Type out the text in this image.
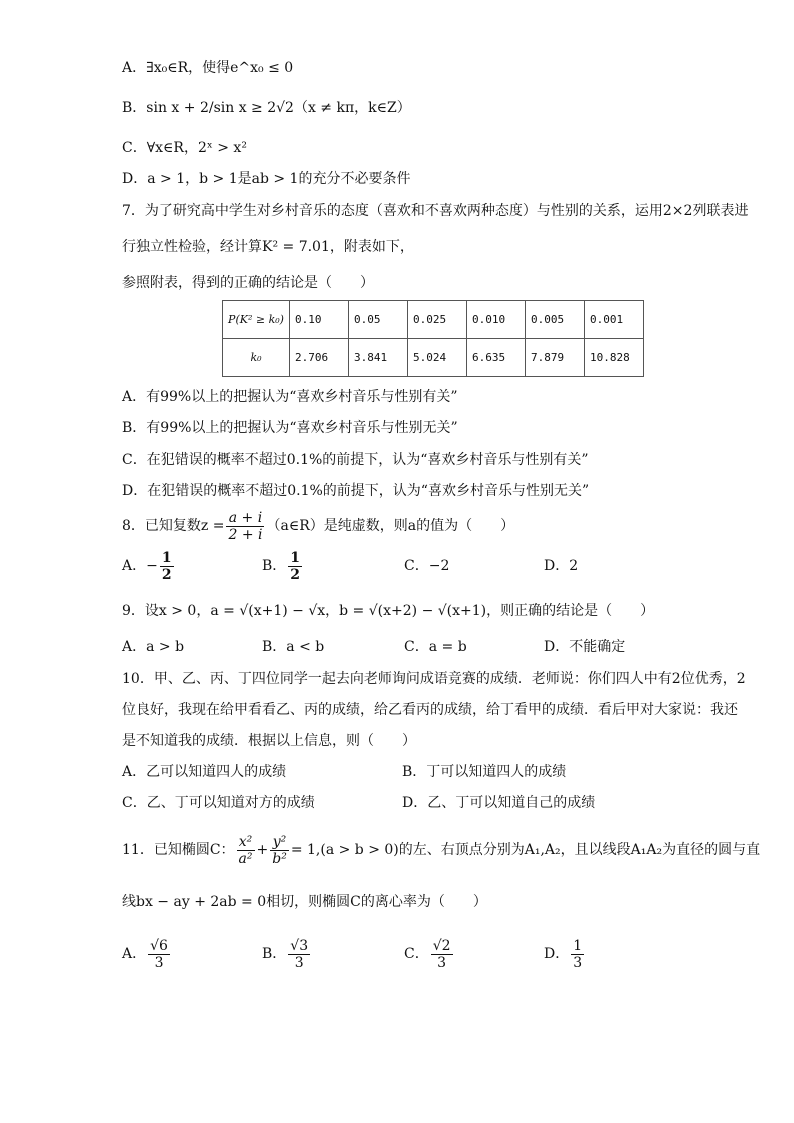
A．∃x₀∈R，使得e^x₀ ≤ 0
B．sin x + 2/sin x ≥ 2√2（x ≠ kπ，k∈Z）
C．∀x∈R，2ˣ > x²
D．a > 1，b > 1是ab > 1的充分不必要条件
7．为了研究高中学生对乡村音乐的态度（喜欢和不喜欢两种态度）与性别的关系，运用2×2列联表进
行独立性检验，经计算K² = 7.01，附表如下，
参照附表，得到的正确的结论是（　　）
P(K² ≥ k₀)	0.10	0.05	0.025	0.010	0.005	0.001
k₀	2.706	3.841	5.024	6.635	7.879	10.828
A．有99%以上的把握认为“喜欢乡村音乐与性别有关”
B．有99%以上的把握认为“喜欢乡村音乐与性别无关”
C．在犯错误的概率不超过0.1%的前提下，认为“喜欢乡村音乐与性别有关”
D．在犯错误的概率不超过0.1%的前提下，认为“喜欢乡村音乐与性别无关”
8．已知复数$z = \frac{a + i}{2 + i}$ （a∈R）是纯虚数，则a的值为（　　）
A．− $\frac{1}{2}$	B． $\frac{1}{2}$	C．−2	D．2
9．设x > 0，a = √(x+1) − √x，b = √(x+2) − √(x+1)，则正确的结论是（　　）
A．a > b	B．a < b	C．a = b	D．不能确定
10．甲、乙、丙、丁四位同学一起去向老师询问成语竞赛的成绩．老师说：你们四人中有2位优秀，2
位良好，我现在给甲看看乙、丙的成绩，给乙看丙的成绩，给丁看甲的成绩．看后甲对大家说：我还
是不知道我的成绩．根据以上信息，则（　　）
A．乙可以知道四人的成绩	B．丁可以知道四人的成绩
C．乙、丁可以知道对方的成绩	D．乙、丁可以知道自己的成绩
11．已知椭圆C： $\frac{\text{x²}}{\text{a²}} + \frac{\text{y²}}{\text{b²}} = 1,(a > b > 0)$的左、右顶点分别为A₁,A₂，且以线段A₁A₂为直径的圆与直
线bx − ay + 2ab = 0相切，则椭圆C的离心率为（　　）
A． $\frac{√6}{3}$	B． $\frac{√3}{3}$	C． $\frac{√2}{3}$	D． $\frac{1}{3}$
